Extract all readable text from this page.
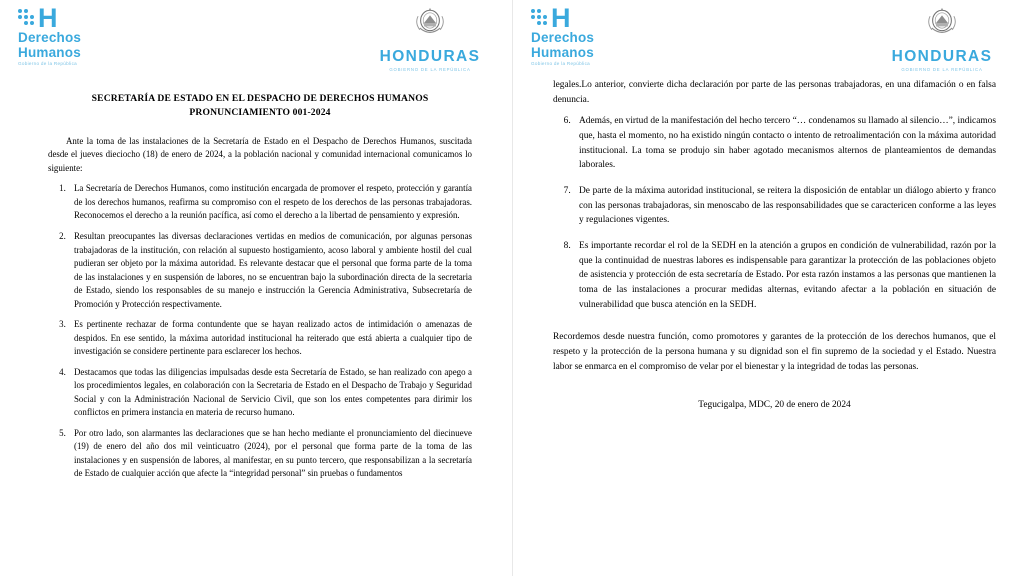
H
Derechos
Humanos
Gobierno de la República	HONDURAS
GOBIERNO DE LA REPÚBLICA
SECRETARÍA DE ESTADO EN EL DESPACHO DE DERECHOS HUMANOS
PRONUNCIAMIENTO 001-2024

Ante la toma de las instalaciones de la Secretaría de Estado en el Despacho de Derechos Humanos, suscitada desde el jueves dieciocho (18) de enero de 2024, a la población nacional y comunidad internacional comunicamos lo siguiente:

1. La Secretaría de Derechos Humanos, como institución encargada de promover el respeto, protección y garantía de los derechos humanos, reafirma su compromiso con el respeto de los derechos de las personas trabajadoras. Reconocemos el derecho a la reunión pacífica, así como el derecho a la libertad de pensamiento y expresión.
2. Resultan preocupantes las diversas declaraciones vertidas en medios de comunicación, por algunas personas trabajadoras de la institución, con relación al supuesto hostigamiento, acoso laboral y ambiente hostil del cual pudieran ser objeto por la máxima autoridad. Es relevante destacar que el personal que forma parte de la toma de las instalaciones y en suspensión de labores, no se encuentran bajo la subordinación directa de la secretaria de Estado, siendo los responsables de su manejo e instrucción la Gerencia Administrativa, Subsecretaría de Promoción y Protección respectivamente.
3. Es pertinente rechazar de forma contundente que se hayan realizado actos de intimidación o amenazas de despidos. En ese sentido, la máxima autoridad institucional ha reiterado que está abierta a cualquier tipo de investigación se considere pertinente para esclarecer los hechos.
4. Destacamos que todas las diligencias impulsadas desde esta Secretaría de Estado, se han realizado con apego a los procedimientos legales, en colaboración con la Secretaria de Estado en el Despacho de Trabajo y Seguridad Social y con la Administración Nacional de Servicio Civil, que son los entes competentes para dirimir los conflictos en primera instancia en materia de recurso humano.
5. Por otro lado, son alarmantes las declaraciones que se han hecho mediante el pronunciamiento del diecinueve (19) de enero del año dos mil veinticuatro (2024), por el personal que forma parte de la toma de las instalaciones y en suspensión de labores, al manifestar, en su punto tercero, que responsabilizan a la secretaría de Estado de cualquier acción que afecte la “integridad personal” sin pruebas o fundamentos
H
Derechos
Humanos
Gobierno de la República	HONDURAS
GOBIERNO DE LA REPÚBLICA

legales.Lo anterior, convierte dicha declaración por parte de las personas trabajadoras, en una difamación o en falsa denuncia.

6. Además, en virtud de la manifestación del hecho tercero “… condenamos su llamado al silencio…”, indicamos que, hasta el momento, no ha existido ningún contacto o intento de retroalimentación con la máxima autoridad institucional. La toma se produjo sin haber agotado mecanismos alternos de planteamientos de demandas laborales.
7. De parte de la máxima autoridad institucional, se reitera la disposición de entablar un diálogo abierto y franco con las personas trabajadoras, sin menoscabo de las responsabilidades que se caractericen conforme a las leyes y regulaciones vigentes.
8. Es importante recordar el rol de la SEDH en la atención a grupos en condición de vulnerabilidad, razón por la que la continuidad de nuestras labores es indispensable para garantizar la protección de las poblaciones objeto de asistencia y protección de esta secretaría de Estado. Por esta razón instamos a las personas que mantienen la toma de las instalaciones a procurar medidas alternas, evitando afectar a la población en situación de vulnerabilidad que busca atención en la SEDH.

Recordemos desde nuestra función, como promotores y garantes de la protección de los derechos humanos, que el respeto y la protección de la persona humana y su dignidad son el fin supremo de la sociedad y el Estado. Nuestra labor se enmarca en el compromiso de velar por el bienestar y la integridad de todas las personas.

Tegucigalpa, MDC, 20 de enero de 2024
